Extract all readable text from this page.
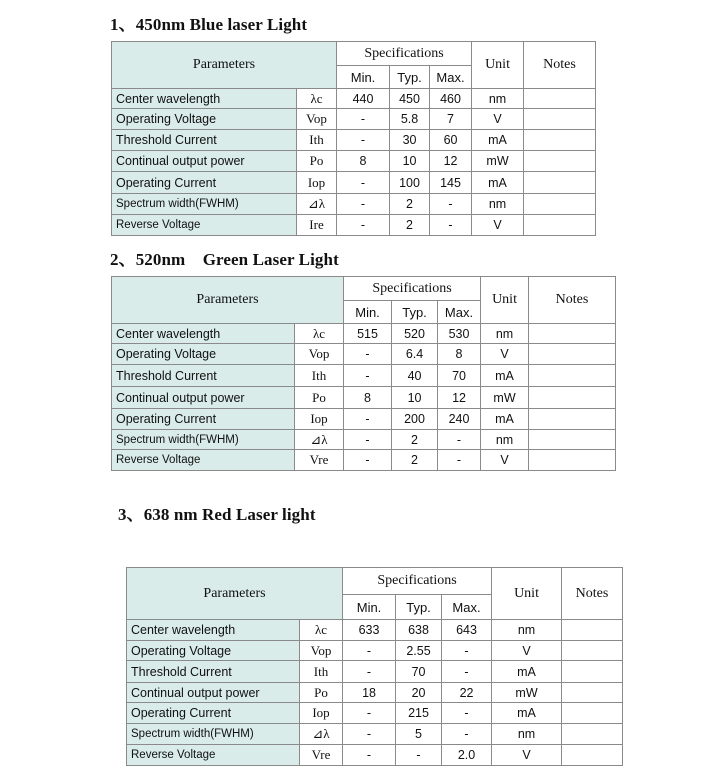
1、450nm Blue laser Light
Parameters		Specifications			Unit	Notes
		Min.	Typ.	Max.		
Center wavelength	λc	440	450	460	nm	
Operating Voltage	Vop	-	5.8	7	V	
Threshold Current	Ith	-	30	60	mA	
Continual output power	Po	8	10	12	mW	
Operating Current	Iop	-	100	145	mA	
Spectrum width(FWHM)	⊿λ	-	2	-	nm	
Reverse Voltage	Ire	-	2	-	V	
2、520nm    Green Laser Light
Parameters		Specifications			Unit	Notes
		Min.	Typ.	Max.		
Center wavelength	λc	515	520	530	nm	
Operating Voltage	Vop	-	6.4	8	V	
Threshold Current	Ith	-	40	70	mA	
Continual output power	Po	8	10	12	mW	
Operating Current	Iop	-	200	240	mA	
Spectrum width(FWHM)	⊿λ	-	2	-	nm	
Reverse Voltage	Vre	-	2	-	V	
3、638 nm Red Laser light
Parameters		Specifications			Unit	Notes
		Min.	Typ.	Max.		
Center wavelength	λc	633	638	643	nm	
Operating Voltage	Vop	-	2.55	-	V	
Threshold Current	Ith	-	70	-	mA	
Continual output power	Po	18	20	22	mW	
Operating Current	Iop	-	215	-	mA	
Spectrum width(FWHM)	⊿λ	-	5	-	nm	
Reverse Voltage	Vre	-	-	2.0	V	
